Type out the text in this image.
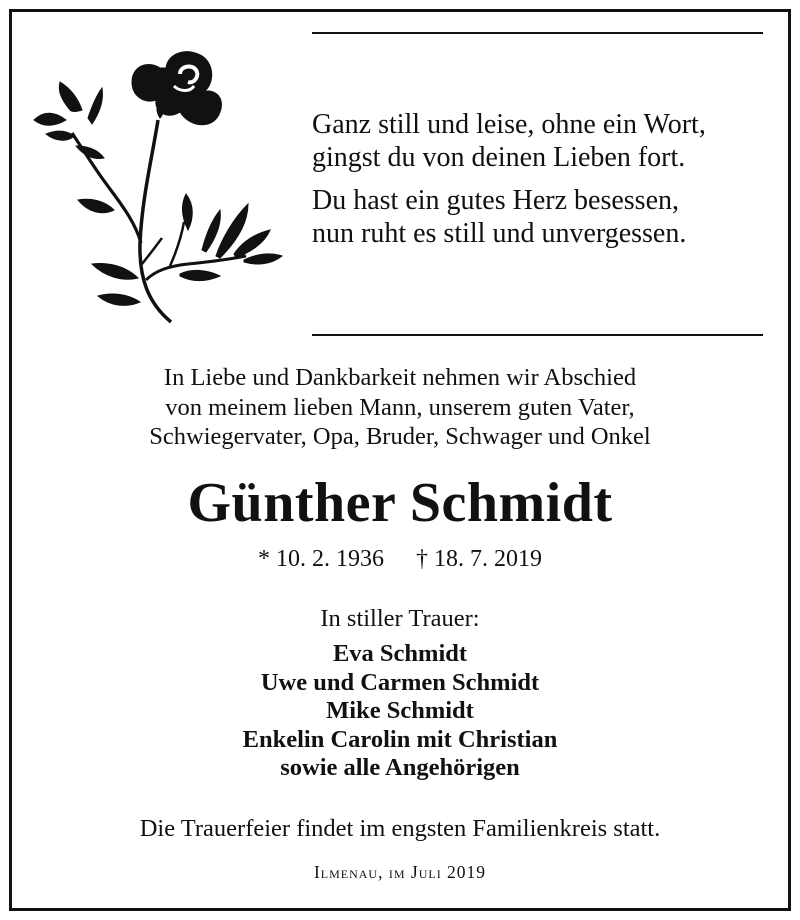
Ganz still und leise, ohne ein Wort,
gingst du von deinen Lieben fort.
Du hast ein gutes Herz besessen,
nun ruht es still und unvergessen.
In Liebe und Dankbarkeit nehmen wir Abschied
von meinem lieben Mann, unserem guten Vater,
Schwiegervater, Opa, Bruder, Schwager und Onkel
Günther Schmidt
* 10. 2. 1936 † 18. 7. 2019
In stiller Trauer:
Eva Schmidt
Uwe und Carmen Schmidt
Mike Schmidt
Enkelin Carolin mit Christian
sowie alle Angehörigen
Die Trauerfeier findet im engsten Familienkreis statt.
Ilmenau, im Juli 2019
